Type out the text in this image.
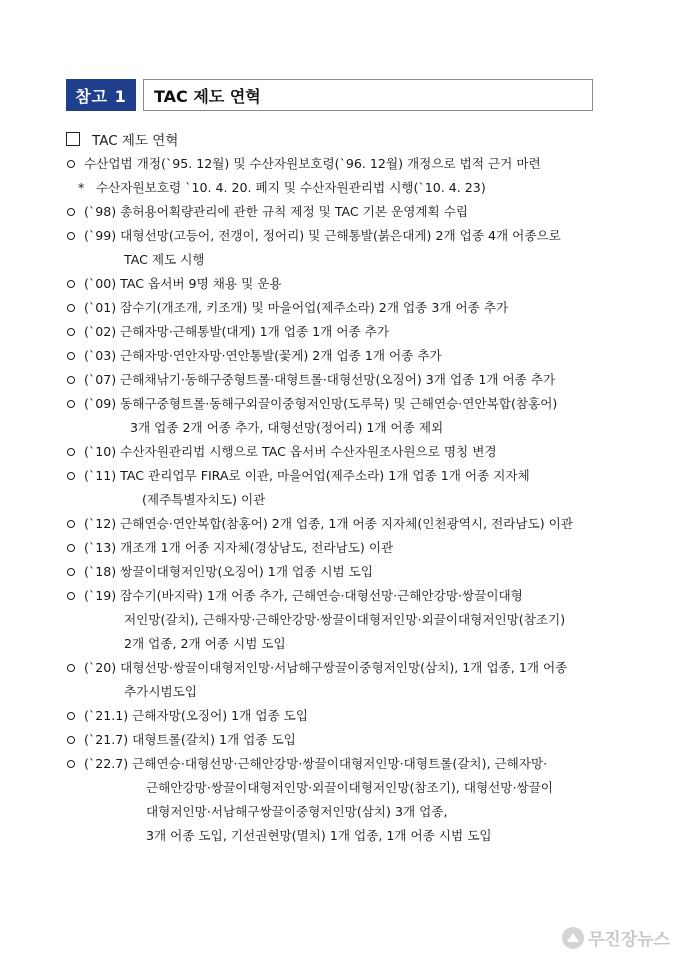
참고 1	TAC 제도 연혁
TAC 제도 연혁
수산업법 개정(`95. 12월) 및 수산자원보호령(`96. 12월) 개정으로 법적 근거 마련
* 수산자원보호령 `10. 4. 20. 폐지 및 수산자원관리법 시행(`10. 4. 23)
(`98) 총허용어획량관리에 관한 규칙 제정 및 TAC 기본 운영계획 수립
(`99) 대형선망(고등어, 전갱이, 정어리) 및 근해통발(붉은대게) 2개 업종 4개 어종으로
TAC 제도 시행
(`00) TAC 옵서버 9명 채용 및 운용
(`01) 잠수기(개조개, 키조개) 및 마을어업(제주소라) 2개 업종 3개 어종 추가
(`02) 근해자망·근해통발(대게) 1개 업종 1개 어종 추가
(`03) 근해자망·연안자망·연안통발(꽃게) 2개 업종 1개 어종 추가
(`07) 근해채낚기·동해구중형트롤·대형트롤·대형선망(오징어) 3개 업종 1개 어종 추가
(`09) 동해구중형트롤·동해구외끌이중형저인망(도루묵) 및 근해연승·연안복합(참홍어)
3개 업종 2개 어종 추가, 대형선망(정어리) 1개 어종 제외
(`10) 수산자원관리법 시행으로 TAC 옵서버 수산자원조사원으로 명칭 변경
(`11) TAC 관리업무 FIRA로 이관, 마을어업(제주소라) 1개 업종 1개 어종 지자체
(제주특별자치도) 이관
(`12) 근해연승·연안복합(참홍어) 2개 업종, 1개 어종 지자체(인천광역시, 전라남도) 이관
(`13) 개조개 1개 어종 지자체(경상남도, 전라남도) 이관
(`18) 쌍끌이대형저인망(오징어) 1개 업종 시범 도입
(`19) 잠수기(바지락) 1개 어종 추가, 근해연승·대형선망·근해안강망·쌍끌이대형
저인망(갈치), 근해자망·근해안강망·쌍끌이대형저인망·외끌이대형저인망(참조기)
2개 업종, 2개 어종 시범 도입
(`20) 대형선망·쌍끌이대형저인망·서남해구쌍끌이중형저인망(삼치), 1개 업종, 1개 어종
추가시범도입
(`21.1) 근해자망(오징어) 1개 업종 도입
(`21.7) 대형트롤(갈치) 1개 업종 도입
(`22.7) 근해연승·대형선망·근해안강망·쌍끌이대형저인망·대형트롤(갈치), 근해자망·
근해안강망·쌍끌이대형저인망·외끌이대형저인망(참조기), 대형선망·쌍끌이
대형저인망·서남해구쌍끌이중형저인망(삼치) 3개 업종,
3개 어종 도입, 기선권현망(멸치) 1개 업종, 1개 어종 시범 도입
무진장뉴스
